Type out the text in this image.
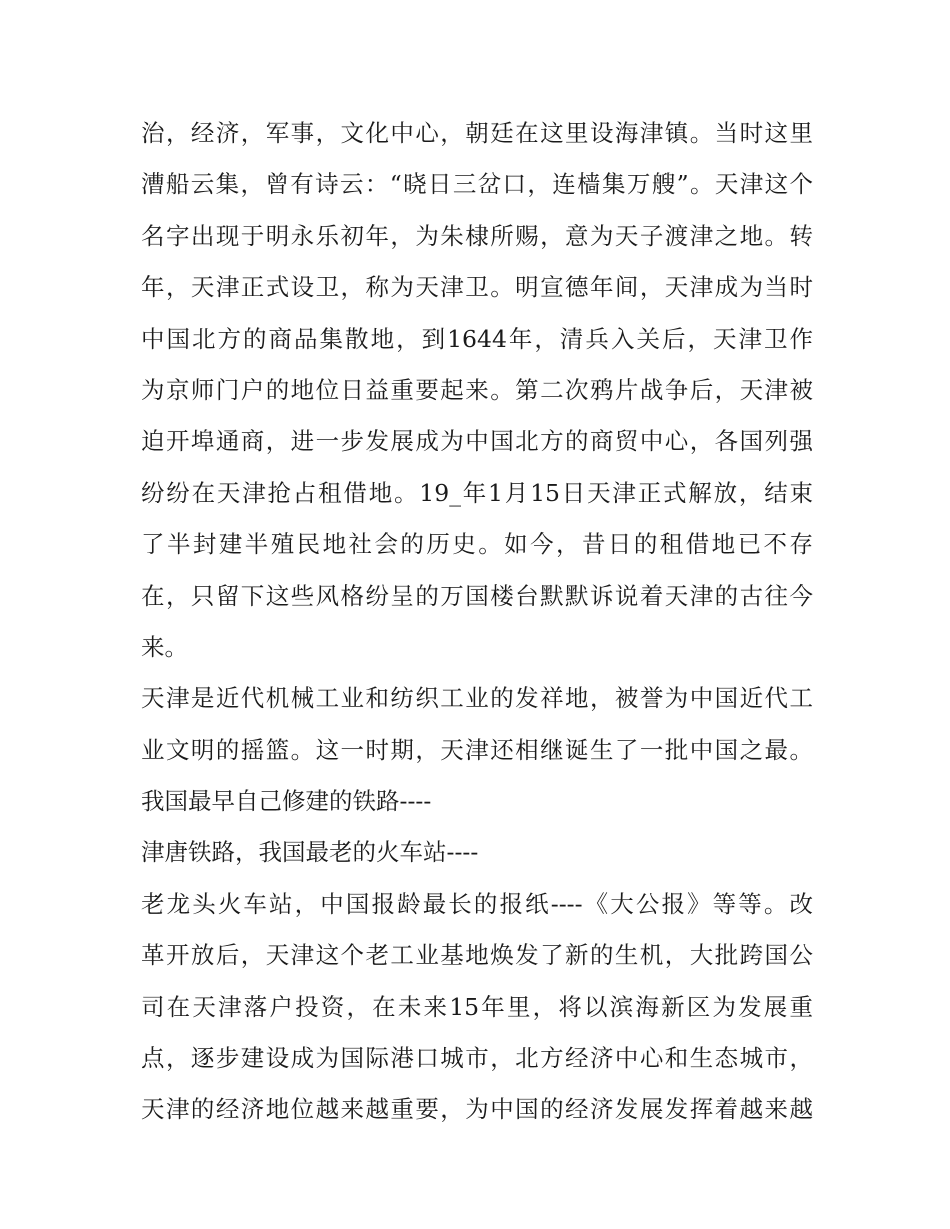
治，经济，军事，文化中心，朝廷在这里设海津镇。当时这里
漕船云集，曾有诗云：“晓日三岔口，连樯集万艘”。天津这个
名字出现于明永乐初年，为朱棣所赐，意为天子渡津之地。转
年，天津正式设卫，称为天津卫。明宣德年间，天津成为当时
中国北方的商品集散地，到1644年，清兵入关后，天津卫作
为京师门户的地位日益重要起来。第二次鸦片战争后，天津被
迫开埠通商，进一步发展成为中国北方的商贸中心，各国列强
纷纷在天津抢占租借地。19_年1月15日天津正式解放，结束
了半封建半殖民地社会的历史。如今，昔日的租借地已不存
在，只留下这些风格纷呈的万国楼台默默诉说着天津的古往今
来。
天津是近代机械工业和纺织工业的发祥地，被誉为中国近代工
业文明的摇篮。这一时期，天津还相继诞生了一批中国之最。
我国最早自己修建的铁路----
津唐铁路，我国最老的火车站----
老龙头火车站，中国报龄最长的报纸----《大公报》等等。改
革开放后，天津这个老工业基地焕发了新的生机，大批跨国公
司在天津落户投资，在未来15年里，将以滨海新区为发展重
点，逐步建设成为国际港口城市，北方经济中心和生态城市，
天津的经济地位越来越重要，为中国的经济发展发挥着越来越
